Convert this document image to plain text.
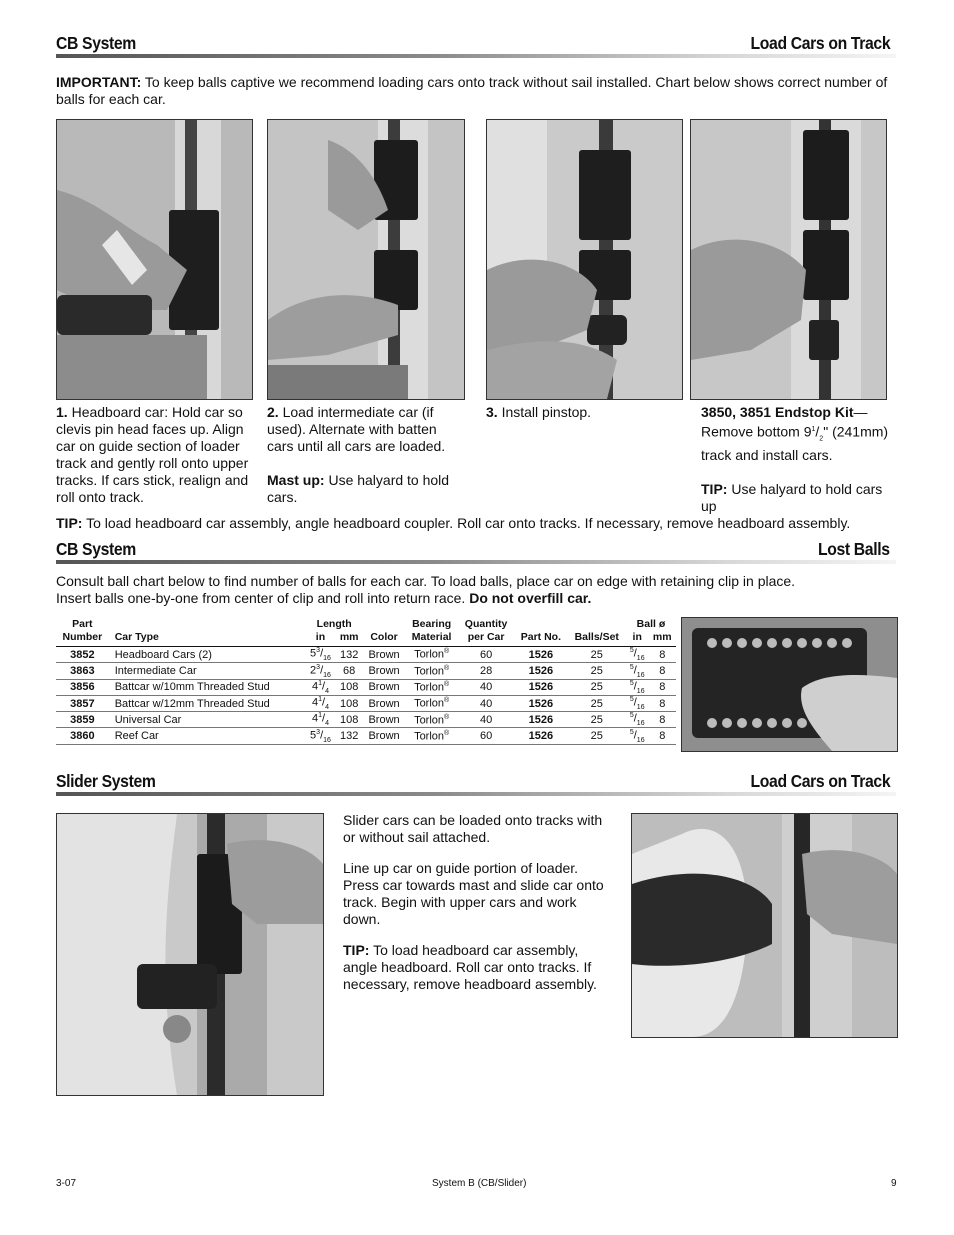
CB System	Load Cars on Track
IMPORTANT: To keep balls captive we recommend loading cars onto track without sail installed. Chart below shows correct number of balls for each car.
1. Headboard car: Hold car so clevis pin head faces up. Align car on guide section of loader track and gently roll onto upper tracks. If cars stick, realign and roll onto track.
2. Load intermediate car (if used). Alternate with batten cars until all cars are loaded.
Mast up: Use halyard to hold cars.
3. Install pinstop.	3850, 3851 Endstop Kit—
Remove bottom $9^1/_2$" (241mm) track and install cars.
TIP: Use halyard to hold cars up
TIP: To load headboard car assembly, angle headboard coupler. Roll car onto tracks. If necessary, remove headboard assembly.
CB System	Lost Balls
Consult ball chart below to find number of balls for each car. To load balls, place car on edge with retaining clip in place.
Insert balls one-by-one from center of clip and roll into return race. Do not overfill car.
Part		Length			Bearing	Quantity			Ball ø	
Number	Car Type	in	mm	Color	Material	per Car	Part No.	Balls/Set	in	mm
3852	Headboard Cars (2)	$5^3/_{16}$	132	Brown	Torlon®	60	1526	25	$^5/_{16}$	8
3863	Intermediate Car	$2^3/_{16}$	68	Brown	Torlon®	28	1526	25	$^5/_{16}$	8
3856	Battcar w/10mm Threaded Stud	$4^1/_4$	108	Brown	Torlon®	40	1526	25	$^5/_{16}$	8
3857	Battcar w/12mm Threaded Stud	$4^1/_4$	108	Brown	Torlon®	40	1526	25	$^5/_{16}$	8
3859	Universal Car	$4^1/_4$	108	Brown	Torlon®	40	1526	25	$^5/_{16}$	8
3860	Reef Car	$5^3/_{16}$	132	Brown	Torlon®	60	1526	25	$^5/_{16}$	8
Slider System	Load Cars on Track
Slider cars can be loaded onto tracks with or without sail attached.
Line up car on guide portion of loader. Press car towards mast and slide car onto track. Begin with upper cars and work down.
TIP: To load headboard car assembly, angle headboard. Roll car onto tracks. If necessary, remove headboard assembly.
3-07	System B (CB/Slider)	9
